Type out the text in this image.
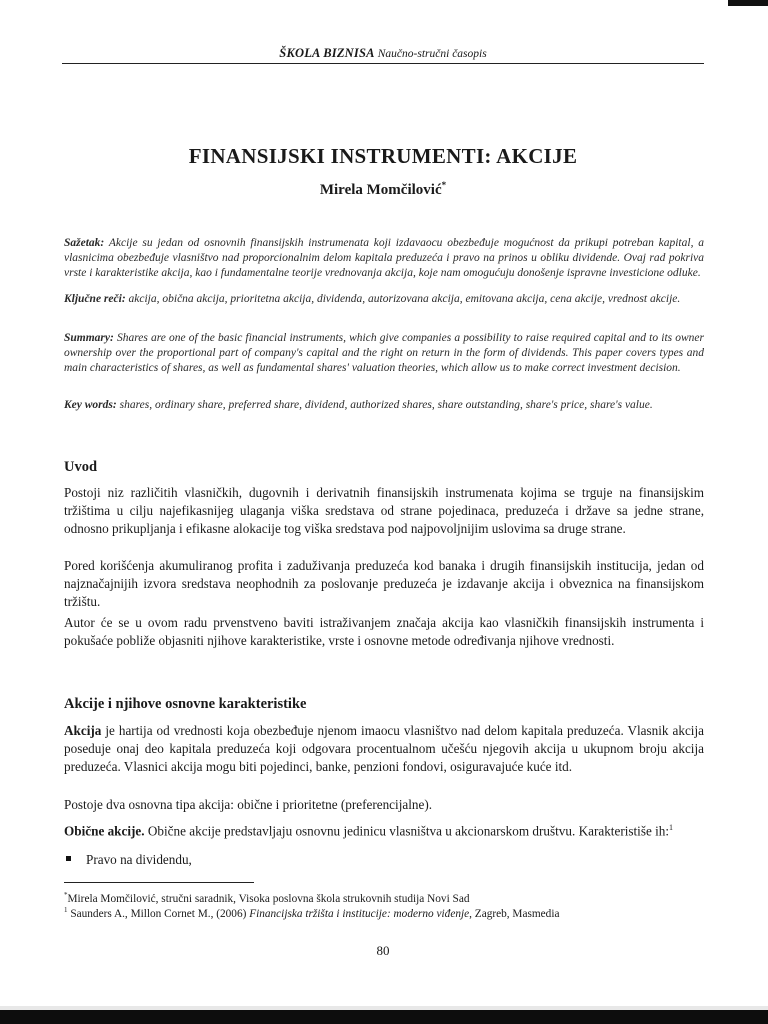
ŠKOLA BIZNISA Naučno-stručni časopis
FINANSIJSKI INSTRUMENTI: AKCIJE
Mirela Momčilović*
Sažetak: Akcije su jedan od osnovnih finansijskih instrumenata koji izdavaocu obezbeđuje mogućnost da prikupi potreban kapital, a vlasnicima obezbeđuje vlasništvo nad proporcionalnim delom kapitala preduzeća i pravo na prinos u obliku dividende. Ovaj rad pokriva vrste i karakteristike akcija, kao i fundamentalne teorije vrednovanja akcija, koje nam omogućuju donošenje ispravne investicione odluke.
Ključne reči: akcija, obična akcija, prioritetna akcija, dividenda, autorizovana akcija, emitovana akcija, cena akcije, vrednost akcije.
Summary: Shares are one of the basic financial instruments, which give companies a possibility to raise required capital and to its owner ownership over the proportional part of company's capital and the right on return in the form of dividends. This paper covers types and main characteristics of shares, as well as fundamental shares' valuation theories, which allow us to make correct investment decision.
Key words: shares, ordinary share, preferred share, dividend, authorized shares, share outstanding, share's price, share's value.
Uvod
Postoji niz različitih vlasničkih, dugovnih i derivatnih finansijskih instrumenata kojima se trguje na finansijskim tržištima u cilju najefikasnijeg ulaganja viška sredstava od strane pojedinaca, preduzeća i države sa jedne strane, odnosno prikupljanja i efikasne alokacije tog viška sredstava pod najpovoljnijim uslovima sa druge strane.
Pored korišćenja akumuliranog profita i zaduživanja preduzeća kod banaka i drugih finansijskih institucija, jedan od najznačajnijih izvora sredstava neophodnih za poslovanje preduzeća je izdavanje akcija i obveznica na finansijskom tržištu.
Autor će se u ovom radu prvenstveno baviti istraživanjem značaja akcija kao vlasničkih finansijskih instrumenta i pokušaće pobliže objasniti njihove karakteristike, vrste i osnovne metode određivanja njihove vrednosti.
Akcije i njihove osnovne karakteristike
Akcija je hartija od vrednosti koja obezbeđuje njenom imaocu vlasništvo nad delom kapitala preduzeća. Vlasnik akcija poseduje onaj deo kapitala preduzeća koji odgovara procentualnom učešću njegovih akcija u ukupnom broju akcija preduzeća. Vlasnici akcija mogu biti pojedinci, banke, penzioni fondovi, osiguravajuće kuće itd.
Postoje dva osnovna tipa akcija: obične i prioritetne (preferencijalne).
Obične akcije. Obične akcije predstavljaju osnovnu jedinicu vlasništva u akcionarskom društvu. Karakteristiše ih:$^1$
Pravo na dividendu,
*Mirela Momčilović, stručni saradnik, Visoka poslovna škola strukovnih studija Novi Sad
$^1$ Saunders A., Millon Cornet M., (2006) Financijska tržišta i institucije: moderno viđenje, Zagreb, Masmedia
80
